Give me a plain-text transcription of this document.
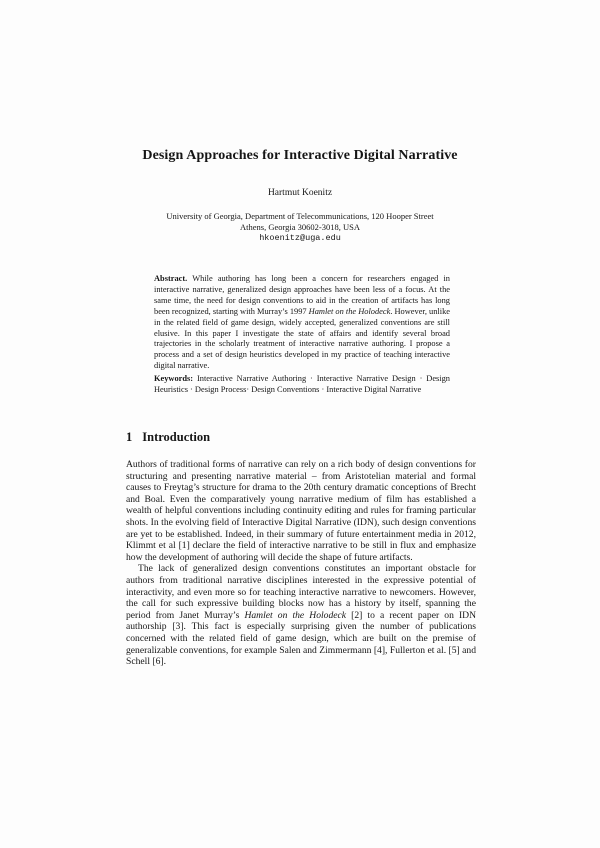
Design Approaches for Interactive Digital Narrative
Hartmut Koenitz
University of Georgia, Department of Telecommunications, 120 Hooper Street
Athens, Georgia 30602-3018, USA
hkoenitz@uga.edu
Abstract. While authoring has long been a concern for researchers engaged in interactive narrative, generalized design approaches have been less of a focus. At the same time, the need for design conventions to aid in the creation of artifacts has long been recognized, starting with Murray’s 1997 Hamlet on the Holodeck. However, unlike in the related field of game design, widely accepted, generalized conventions are still elusive. In this paper I investigate the state of affairs and identify several broad trajectories in the scholarly treatment of interactive narrative authoring. I propose a process and a set of design heuristics developed in my practice of teaching interactive digital narrative.
Keywords: Interactive Narrative Authoring · Interactive Narrative Design · Design Heuristics · Design Process· Design Conventions · Interactive Digital Narrative
1 Introduction

Authors of traditional forms of narrative can rely on a rich body of design conventions for structuring and presenting narrative material – from Aristotelian material and formal causes to Freytag’s structure for drama to the 20th century dramatic conceptions of Brecht and Boal. Even the comparatively young narrative medium of film has established a wealth of helpful conventions including continuity editing and rules for framing particular shots. In the evolving field of Interactive Digital Narrative (IDN), such design conventions are yet to be established. Indeed, in their summary of future entertainment media in 2012, Klimmt et al [1] declare the field of interactive narrative to be still in flux and emphasize how the development of authoring will decide the shape of future artifacts.

The lack of generalized design conventions constitutes an important obstacle for authors from traditional narrative disciplines interested in the expressive potential of interactivity, and even more so for teaching interactive narrative to newcomers. However, the call for such expressive building blocks now has a history by itself, spanning the period from Janet Murray’s Hamlet on the Holodeck [2] to a recent paper on IDN authorship [3]. This fact is especially surprising given the number of publications concerned with the related field of game design, which are built on the premise of generalizable conventions, for example Salen and Zimmermann [4], Fullerton et al. [5] and Schell [6].
